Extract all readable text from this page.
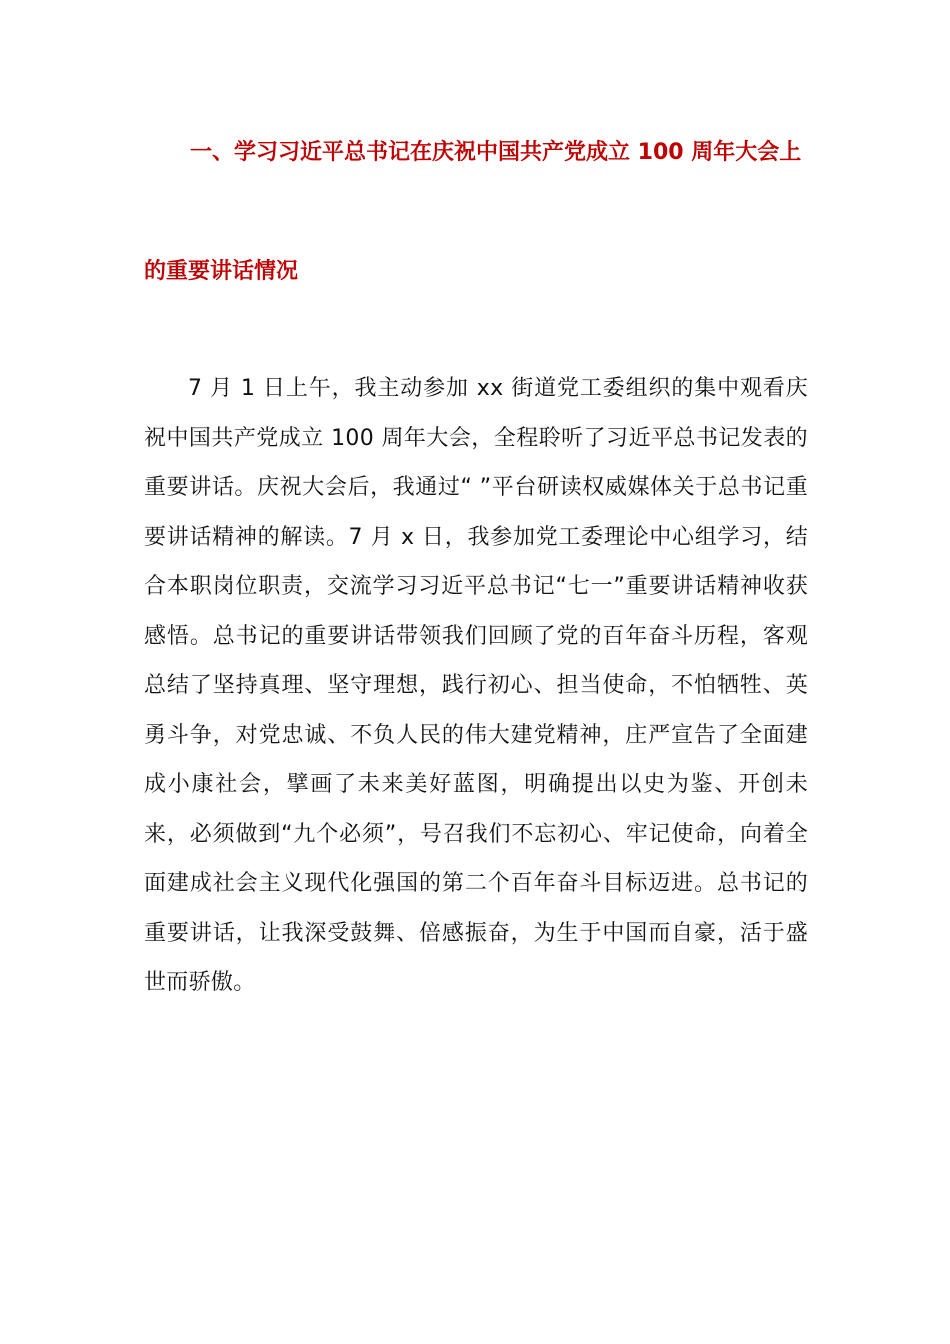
一、学习习近平总书记在庆祝中国共产党成立 100 周年大会上
的重要讲话情况

7 月 1 日上午，我主动参加 xx 街道党工委组织的集中观看庆祝中国共产党成立 100 周年大会，全程聆听了习近平总书记发表的重要讲话。庆祝大会后，我通过“ ”平台研读权威媒体关于总书记重要讲话精神的解读。7 月 x 日，我参加党工委理论中心组学习，结合本职岗位职责，交流学习习近平总书记“七一”重要讲话精神收获感悟。总书记的重要讲话带领我们回顾了党的百年奋斗历程，客观总结了坚持真理、坚守理想，践行初心、担当使命，不怕牺牲、英勇斗争，对党忠诚、不负人民的伟大建党精神，庄严宣告了全面建成小康社会，擘画了未来美好蓝图，明确提出以史为鉴、开创未来，必须做到“九个必须”，号召我们不忘初心、牢记使命，向着全面建成社会主义现代化强国的第二个百年奋斗目标迈进。总书记的重要讲话，让我深受鼓舞、倍感振奋，为生于中国而自豪，活于盛世而骄傲。
